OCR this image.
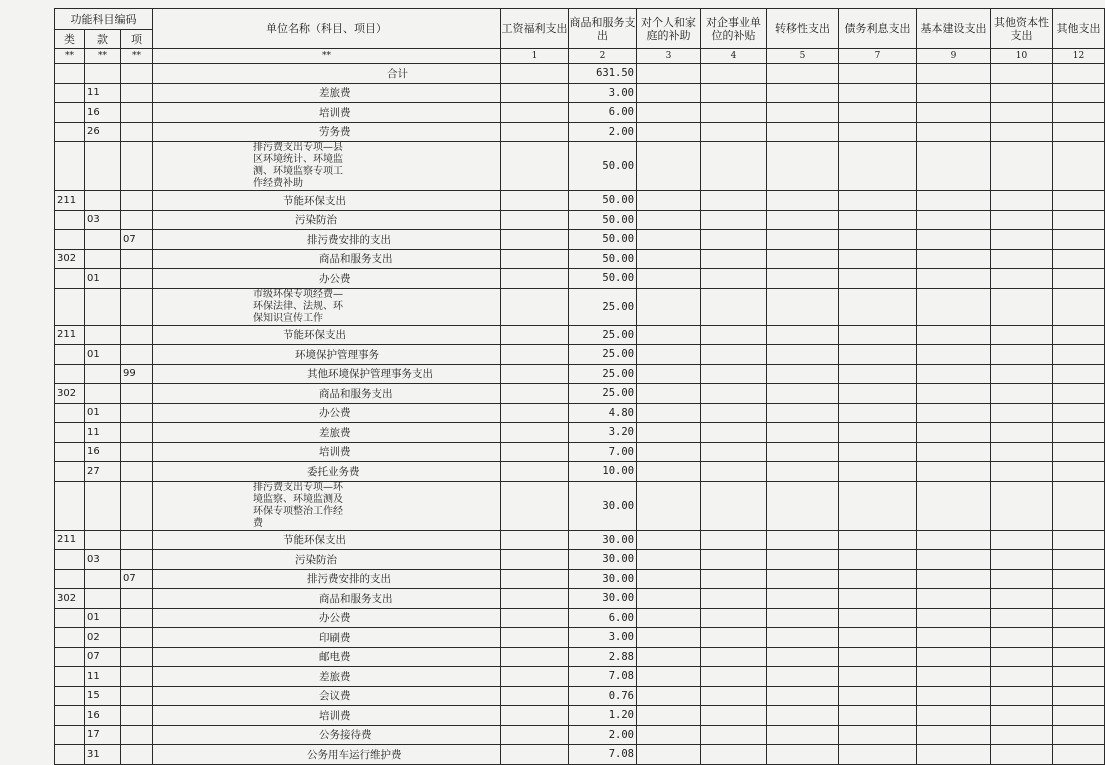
功能科目编码			单位名称（科目、项目）	工资福利支出	商品和服务支出	对个人和家庭的补助	对企事业单位的补贴	转移性支出	债务利息支出	基本建设支出	其他资本性支出	其他支出
类	款	项										
**	**	**	**	1	2	3	4	5	7	9	10	12
			合计		631.50							
	11		差旅费		3.00							
	16		培训费		6.00							
	26		劳务费		2.00							
			排污费支出专项—县区环境统计、环境监测、环境监察专项工作经费补助		50.00							
211			节能环保支出		50.00							
	03		污染防治		50.00							
		07	排污费安排的支出		50.00							
302			商品和服务支出		50.00							
	01		办公费		50.00							
			市级环保专项经费—环保法律、法规、环保知识宣传工作		25.00							
211			节能环保支出		25.00							
	01		环境保护管理事务		25.00							
		99	其他环境保护管理事务支出		25.00							
302			商品和服务支出		25.00							
	01		办公费		4.80							
	11		差旅费		3.20							
	16		培训费		7.00							
	27		委托业务费		10.00							
			排污费支出专项—环境监察、环境监测及环保专项整治工作经费		30.00							
211			节能环保支出		30.00							
	03		污染防治		30.00							
		07	排污费安排的支出		30.00							
302			商品和服务支出		30.00							
	01		办公费		6.00							
	02		印刷费		3.00							
	07		邮电费		2.88							
	11		差旅费		7.08							
	15		会议费		0.76							
	16		培训费		1.20							
	17		公务接待费		2.00							
	31		公务用车运行维护费		7.08							
